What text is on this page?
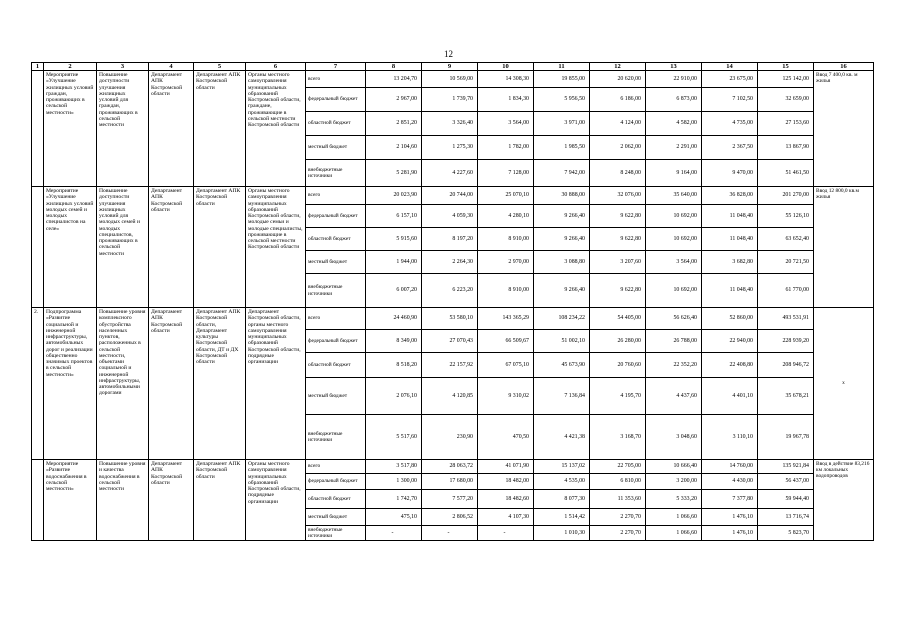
12
1	2	3	4	5	6	7	8	9	10	11	12	13	14	15	16
	Мероприятие «Улучшение жилищных условий граждан, проживающих в сельской местности»	Повышение доступности улучшения жилищных условий для граждан, проживающих в сельской местности	Департамент АПК Костромской области	Департамент АПК Костромской области	Органы местного самоуправления муниципальных образований Костромской области, граждане, проживающие в сельской местности Костромской области	всего	13 204,70	10 569,00	14 308,30	19 855,00	20 620,00	22 910,00	23 675,00	125 142,00	Ввод 7 400,0 кв. м жилья
						федеральный бюджет	2 967,00	1 739,70	1 834,30	5 956,50	6 186,00	6 873,00	7 102,50	32 659,00	
						областной бюджет	2 851,20	3 326,40	3 564,00	3 971,00	4 124,00	4 582,00	4 735,00	27 153,60	
						местный бюджет	2 104,60	1 275,30	1 782,00	1 985,50	2 062,00	2 291,00	2 367,50	13 867,90	
						внебюджетные источники	5 281,90	4 227,60	7 128,00	7 942,00	8 248,00	9 164,00	9 470,00	51 461,50	
	Мероприятие «Улучшение жилищных условий молодых семей и молодых специалистов на селе»	Повышение доступности улучшения жилищных условий для молодых семей и молодых специалистов, проживающих в сельской местности	Департамент АПК Костромской области	Департамент АПК Костромской области	Органы местного самоуправления муниципальных образований Костромской области, молодые семьи и молодые специалисты, проживающие в сельской местности Костромской области	всего	20 023,90	20 744,00	25 070,10	30 888,00	32 076,00	35 640,00	36 828,00	201 270,00	Ввод 12 800,0 кв.м жилья
						федеральный бюджет	6 157,10	4 059,30	4 280,10	9 266,40	9 622,80	10 692,00	11 048,40	55 126,10	
						областной бюджет	5 915,60	8 197,20	8 910,00	9 266,40	9 622,80	10 692,00	11 048,40	63 652,40	
						местный бюджет	1 944,00	2 264,30	2 970,00	3 088,80	3 207,60	3 564,00	3 682,80	20 721,50	
						внебюджетные источники	6 007,20	6 223,20	8 910,00	9 266,40	9 622,80	10 692,00	11 048,40	61 770,00	
2.	Подпрограмма «Развитие социальной и инженерной инфраструктуры, автомобильных дорог и реализации общественно значимых проектов в сельской местности»	Повышение уровня комплексного обустройства населенных пунктов, расположенных в сельской местности, объектами социальной и инженерной инфраструктуры, автомобильными дорогами	Департамент АПК Костромской области	Департамент АПК Костромской области, Департамент культуры Костромской области, ДТ и ДХ Костромской области	Департамент Костромской области, органы местного самоуправления муниципальных образований Костромской области, подрядные организации	всего	24 460,90	53 580,10	143 365,29	108 234,22	54 405,00	56 626,40	52 860,00	493 531,91	x
						федеральный бюджет	8 349,00	27 070,43	66 509,67	51 002,10	26 280,00	26 788,00	22 940,00	228 939,20	
						областной бюджет	8 518,20	22 157,92	67 075,10	45 673,90	20 760,60	22 352,20	22 408,80	208 946,72	
						местный бюджет	2 076,10	4 120,85	9 310,02	7 136,84	4 195,70	4 437,60	4 401,10	35 678,21	
						внебюджетные источники	5 517,60	230,90	470,50	4 421,38	3 168,70	3 048,60	3 110,10	19 967,78	
	Мероприятие «Развитие водоснабжения в сельской местности»	Повышение уровня и качества водоснабжения в сельской местности	Департамент АПК Костромской области	Департамент АПК Костромской области	Органы местного самоуправления муниципальных образований Костромской области, подрядные организации	всего	3 517,80	28 063,72	41 071,90	15 137,02	22 705,00	10 666,40	14 760,00	135 921,84	Ввод в действие 83,216 км локальных водопроводов
						федеральный бюджет	1 300,00	17 680,00	18 482,00	4 535,00	6 810,00	3 200,00	4 430,00	56 437,00	
						областной бюджет	1 742,70	7 577,20	18 482,60	8 077,30	11 353,60	5 333,20	7 377,80	59 944,40	
						местный бюджет	475,10	2 806,52	4 107,30	1 514,42	2 270,70	1 066,60	1 476,10	13 716,74	
						внебюджетные источники	-	-	-	1 010,30	2 270,70	1 066,60	1 476,10	5 823,70	
